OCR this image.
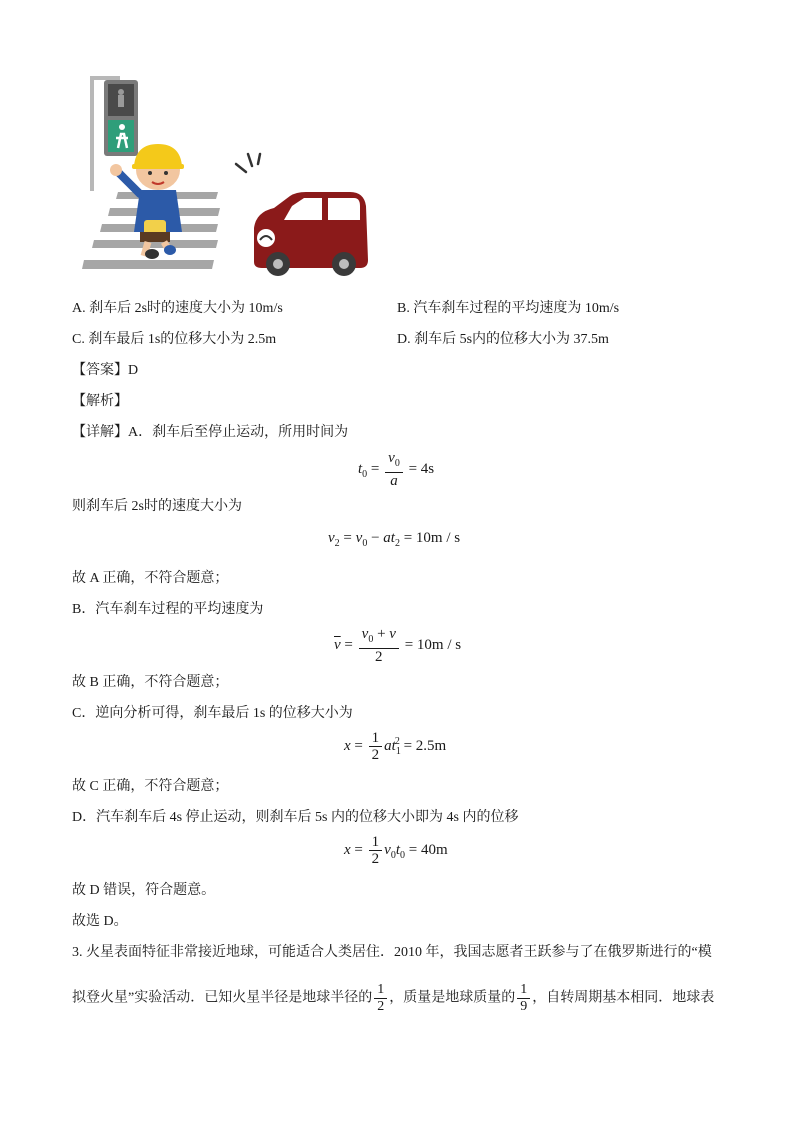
A. 刹车后 2s时的速度大小为 10m/s	B. 汽车刹车过程的平均速度为 10m/s
C. 刹车最后 1s的位移大小为 2.5m	D. 刹车后 5s内的位移大小为 37.5m
【答案】D
【解析】
【详解】A．刹车后至停止运动，所用时间为
$t_0 = \frac{v_0}{a} = 4s$
则刹车后 2s时的速度大小为
$v_2 = v_0 - at_2 = 10m / s$
故 A 正确，不符合题意；
B．汽车刹车过程的平均速度为
$\overline{v} = \frac{v_0 + v}{2} = 10m / s$
故 B 正确，不符合题意；
C．逆向分析可得，刹车最后 1s 的位移大小为
$x = \frac{1}{2} at_1^2 = 2.5m$
故 C 正确，不符合题意；
D．汽车刹车后 4s 停止运动，则刹车后 5s 内的位移大小即为 4s 内的位移
$x = \frac{1}{2} v_0t_0 = 40m$
故 D 错误，符合题意。
故选 D。
3. 火星表面特征非常接近地球，可能适合人类居住．2010 年，我国志愿者王跃参与了在俄罗斯进行的“模
拟登火星”实验活动．已知火星半径是地球半径的 $\frac{1}{2}$ ，质量是地球质量的 $\frac{1}{9}$ ，自转周期基本相同．地球表
